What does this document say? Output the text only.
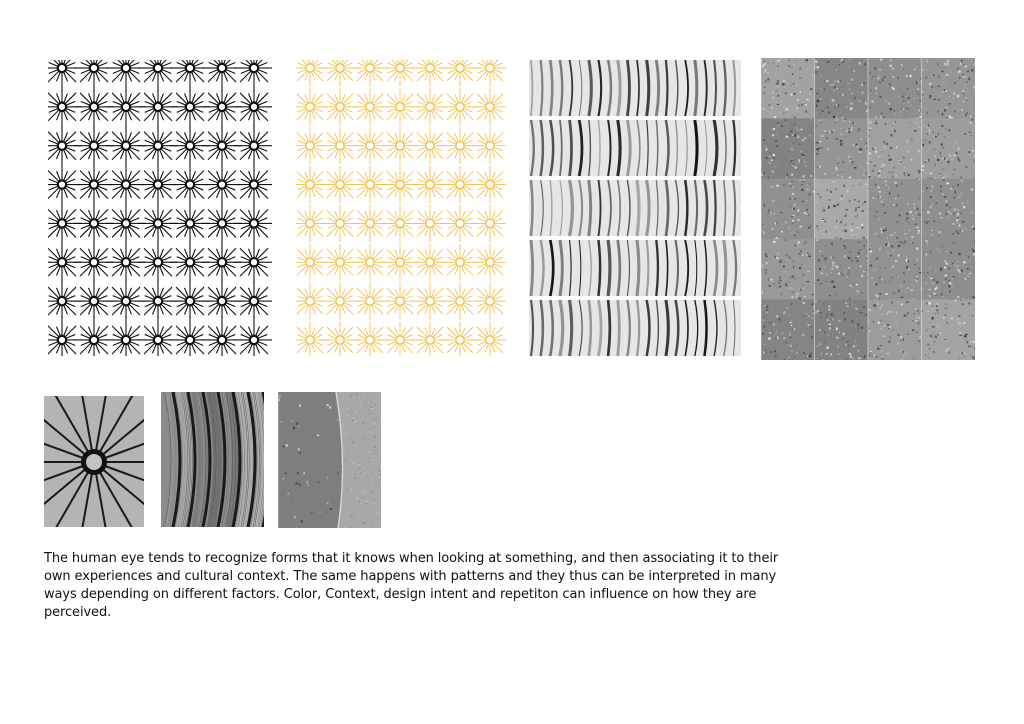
The human eye tends to recognize forms that it knows when looking at something, and then associating it to their own experiences and cultural context. The same happens with patterns and they thus can be interpreted in many ways depending on different factors. Color, Context, design intent and repetiton can influence on how they are perceived.
